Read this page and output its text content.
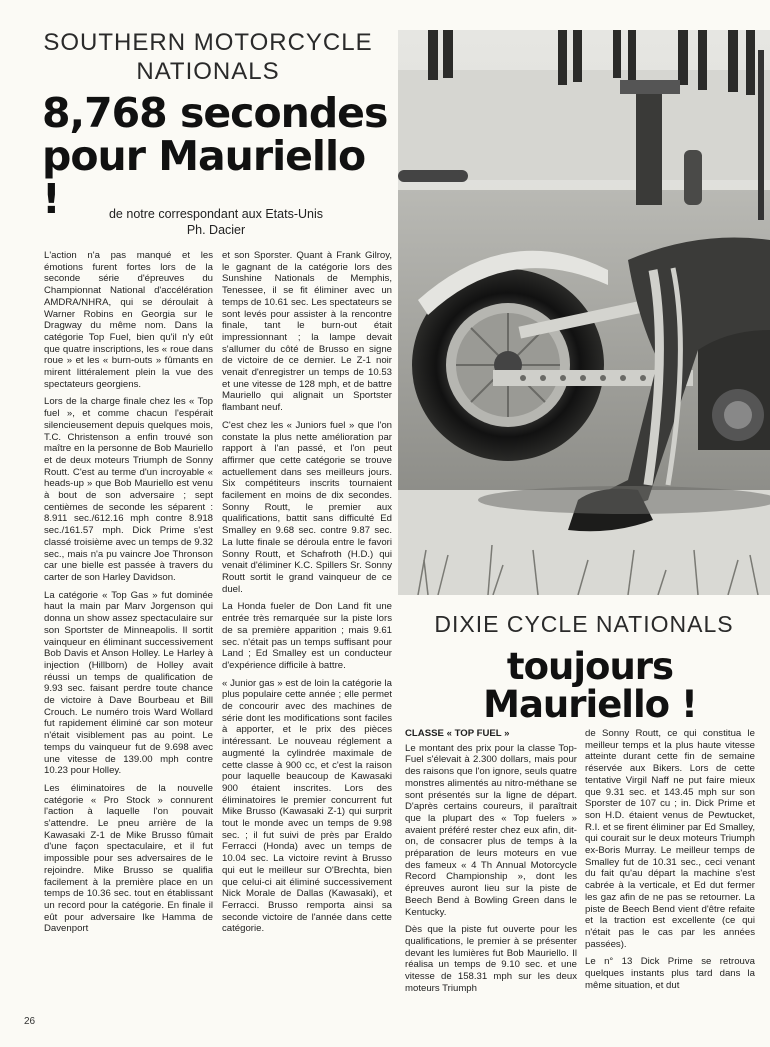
SOUTHERN MOTORCYCLE NATIONALS
8,768 secondes
pour Mauriello !	de notre correspondant aux Etats-Unis
Ph. Dacier

L'action n'a pas manqué et les émotions furent fortes lors de la seconde série d'épreuves du Championnat National d'accélération AMDRA/NHRA, qui se déroulait à Warner Robins en Georgia sur le Dragway du même nom. Dans la catégorie Top Fuel, bien qu'il n'y eût que quatre inscriptions, les « roue dans roue » et les « burn-outs » fûmants en mirent littéralement plein la vue des spectateurs georgiens.

Lors de la charge finale chez les « Top fuel », et comme chacun l'espérait silencieusement depuis quelques mois, T.C. Christenson a enfin trouvé son maître en la personne de Bob Mauriello et de deux moteurs Triumph de Sonny Routt. C'est au terme d'un incroyable « heads-up » que Bob Mauriello est venu à bout de son adversaire ; sept centièmes de seconde les séparent : 8.911 sec./612.16 mph contre 8.918 sec./161.57 mph. Dick Prime s'est classé troisième avec un temps de 9.32 sec., mais n'a pu vaincre Joe Thronson car une bielle est passée à travers du carter de son Harley Davidson.

La catégorie « Top Gas » fut dominée haut la main par Marv Jorgenson qui donna un show assez spectaculaire sur son Sportster de Minneapolis. Il sortit vainqueur en éliminant successivement Bob Davis et Anson Holley. Le Harley à injection (Hillborn) de Holley avait réussi un temps de qualification de 9.93 sec. faisant perdre toute chance de victoire à Dave Bourbeau et Bill Crouch. Le numéro trois Ward Wollard fut rapidement éliminé car son moteur n'était visiblement pas au point. Le temps du vainqueur fut de 9.698 avec une vitesse de 139.00 mph contre 10.23 pour Holley.

Les éliminatoires de la nouvelle catégorie « Pro Stock » connurent l'action à laquelle l'on pouvait s'attendre. Le pneu arrière de la Kawasaki Z-1 de Mike Brusso fûmait d'une façon spectaculaire, et il fut impossible pour ses adversaires de le rejoindre. Mike Brusso se qualifia facilement à la première place en un temps de 10.36 sec. tout en établissant un record pour la catégorie. En finale il eût pour adversaire Ike Hamma de Davenport

et son Sporster. Quant à Frank Gilroy, le gagnant de la catégorie lors des Sunshine Nationals de Memphis, Tenessee, il se fit éliminer avec un temps de 10.61 sec. Les spectateurs se sont levés pour assister à la rencontre finale, tant le burn-out était impressionnant ; la lampe devait s'allumer du côté de Brusso en signe de victoire de ce dernier. Le Z-1 noir venait d'enregistrer un temps de 10.53 et une vitesse de 128 mph, et de battre Mauriello qui alignait un Sportster flambant neuf.

C'est chez les « Juniors fuel » que l'on constate la plus nette amélioration par rapport à l'an passé, et l'on peut affirmer que cette catégorie se trouve actuellement dans ses meilleurs jours. Six compétiteurs inscrits tournaient facilement en moins de dix secondes. Sonny Routt, le premier aux qualifications, battit sans difficulté Ed Smalley en 9.68 sec. contre 9.87 sec. La lutte finale se déroula entre le favori Sonny Routt, et Schafroth (H.D.) qui venait d'éliminer K.C. Spillers Sr. Sonny Routt sortit le grand vainqueur de ce duel.

La Honda fueler de Don Land fit une entrée très remarquée sur la piste lors de sa première apparition ; mais 9.61 sec. n'était pas un temps suffisant pour Land ; Ed Smalley est un conducteur d'expérience difficile à battre.

« Junior gas » est de loin la catégorie la plus populaire cette année ; elle permet de concourir avec des machines de série dont les modifications sont faciles à apporter, et le prix des pièces intéressant. Le nouveau réglement a augmenté la cylindrée maximale de cette classe à 900 cc, et c'est la raison pour laquelle beaucoup de Kawasaki 900 étaient inscrites. Lors des éliminatoires le premier concurrent fut Mike Brusso (Kawasaki Z-1) qui surprit tout le monde avec un temps de 9.98 sec. ; il fut suivi de près par Eraldo Ferracci (Honda) avec un temps de 10.04 sec. La victoire revint à Brusso qui eut le meilleur sur O'Brechta, bien que celui-ci ait éliminé successivement Nick Morale de Dallas (Kawasaki), et Ferracci. Brusso remporta ainsi sa seconde victoire de l'année dans cette catégorie.

26
DIXIE CYCLE NATIONALS
toujours
Mauriello !

CLASSE « TOP FUEL »

Le montant des prix pour la classe Top-Fuel s'élevait à 2.300 dollars, mais pour des raisons que l'on ignore, seuls quatre monstres alimentés au nitro-méthane se sont présentés sur la ligne de départ. D'après certains coureurs, il paraîtrait que la plupart des « Top fuelers » avaient préféré rester chez eux afin, dit-on, de consacrer plus de temps à la préparation de leurs moteurs en vue des fameux « 4 Th Annual Motorcycle Record Championship », dont les épreuves auront lieu sur la piste de Beech Bend à Bowling Green dans le Kentucky.

Dès que la piste fut ouverte pour les qualifications, le premier à se présenter devant les lumières fut Bob Mauriello. Il réalisa un temps de 9.10 sec. et une vitesse de 158.31 mph sur les deux moteurs Triumph

de Sonny Routt, ce qui constitua le meilleur temps et la plus haute vitesse atteinte durant cette fin de semaine réservée aux Bikers. Lors de cette tentative Virgil Naff ne put faire mieux que 9.31 sec. et 143.45 mph sur son Sporster de 107 cu ; in. Dick Prime et son H.D. étaient venus de Pewtucket, R.I. et se firent éliminer par Ed Smalley, qui courait sur le deux moteurs Triumph ex-Boris Murray. Le meilleur temps de Smalley fut de 10.31 sec., ceci venant du fait qu'au départ la machine s'est cabrée à la verticale, et Ed dut fermer les gaz afin de ne pas se retourner. La piste de Beech Bend vient d'être refaite et la traction est excellente (ce qui n'était pas le cas par les années passées).

Le n° 13 Dick Prime se retrouva quelques instants plus tard dans la même situation, et dut
